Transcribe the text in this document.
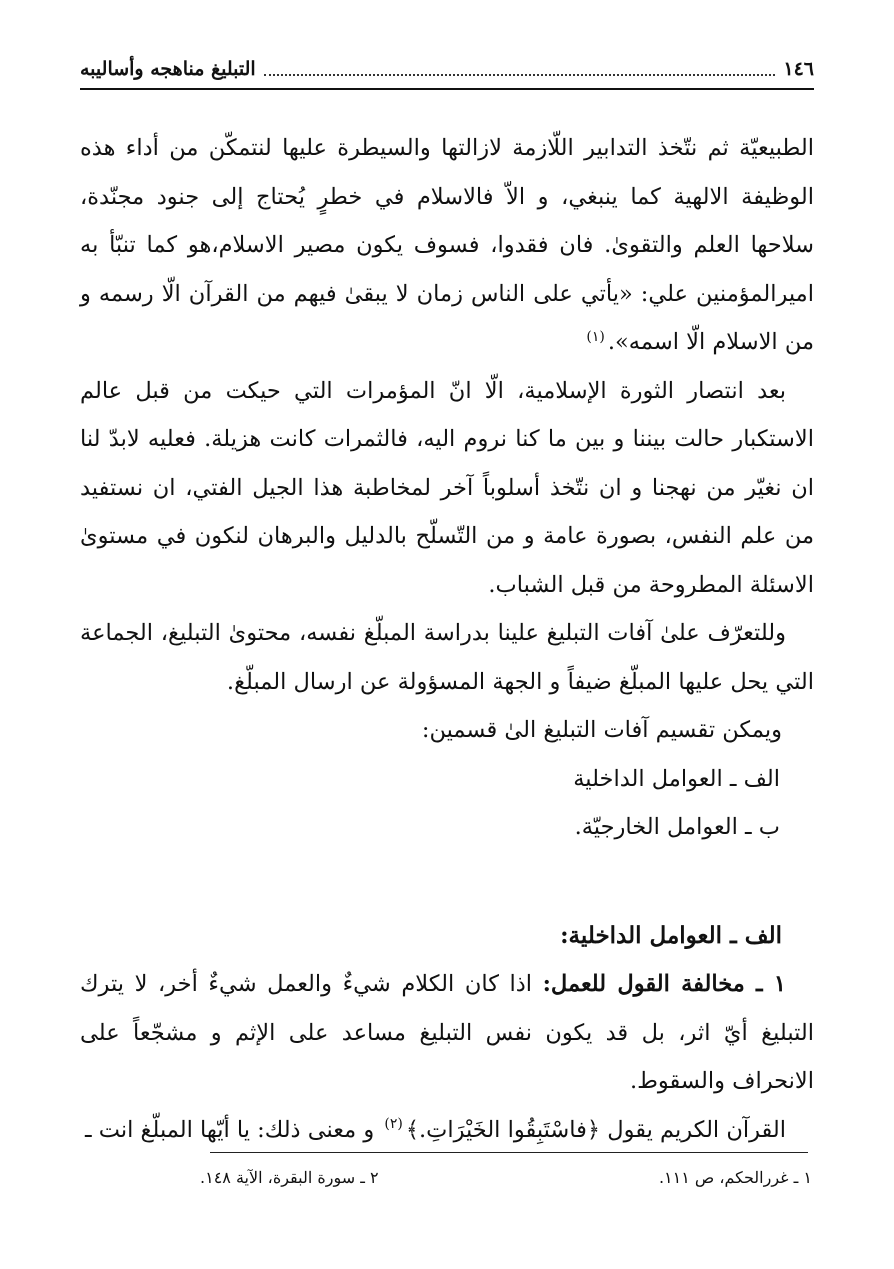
١٤٦
التبليغ مناهجه وأساليبه

الطبيعيّة ثم نتّخذ التدابير اللّازمة لازالتها والسيطرة عليها لنتمكّن من أداء هذه الوظيفة الالهية كما ينبغي، و الاّ فالاسلام في خطرٍ يُحتاج إلى جنود مجنّدة، سلاحها العلم والتقوىٰ. فان فقدوا، فسوف يكون مصير الاسلام،هو كما تنبّأ به اميرالمؤمنين علي: «يأتي على الناس زمان لا يبقىٰ فيهم من القرآن الّا رسمه و من الاسلام الّا اسمه».$^{(١)}$

بعد انتصار الثورة الإسلامية، الّا انّ المؤمرات التي حيكت من قبل عالم الاستكبار حالت بيننا و بين ما كنا نروم اليه، فالثمرات كانت هزيلة. فعليه لابدّ لنا ان نغيّر من نهجنا و ان نتّخذ أسلوباً آخر لمخاطبة هذا الجيل الفتي، ان نستفيد من علم النفس، بصورة عامة و من التّسلّح بالدليل والبرهان لنكون في مستوىٰ الاسئلة المطروحة من قبل الشباب.

وللتعرّف علىٰ آفات التبليغ علينا بدراسة المبلّغ نفسه، محتوىٰ التبليغ، الجماعة التي يحل عليها المبلّغ ضيفاً و الجهة المسؤولة عن ارسال المبلّغ.

ويمكن تقسيم آفات التبليغ الىٰ قسمين:

الف ـ العوامل الداخلية

ب ـ العوامل الخارجيّة.

الف ـ العوامل الداخلية:

١ ـ مخالفة القول للعمل: اذا كان الكلام شيءٌ والعمل شيءٌ أخر، لا يترك التبليغ أيّ اثر، بل قد يكون نفس التبليغ مساعد على الإثم و مشجّعاً على الانحراف والسقوط.

القرآن الكريم يقول ﴿فاسْتَبِقُوا الخَيْرَاتِ.﴾$^{(٢)}$ و معنى ذلك: يا أيّها المبلّغ انت ـ

١ ـ غررالحكم، ص ١١١.
٢ ـ سورة البقرة، الآية ١٤٨.
